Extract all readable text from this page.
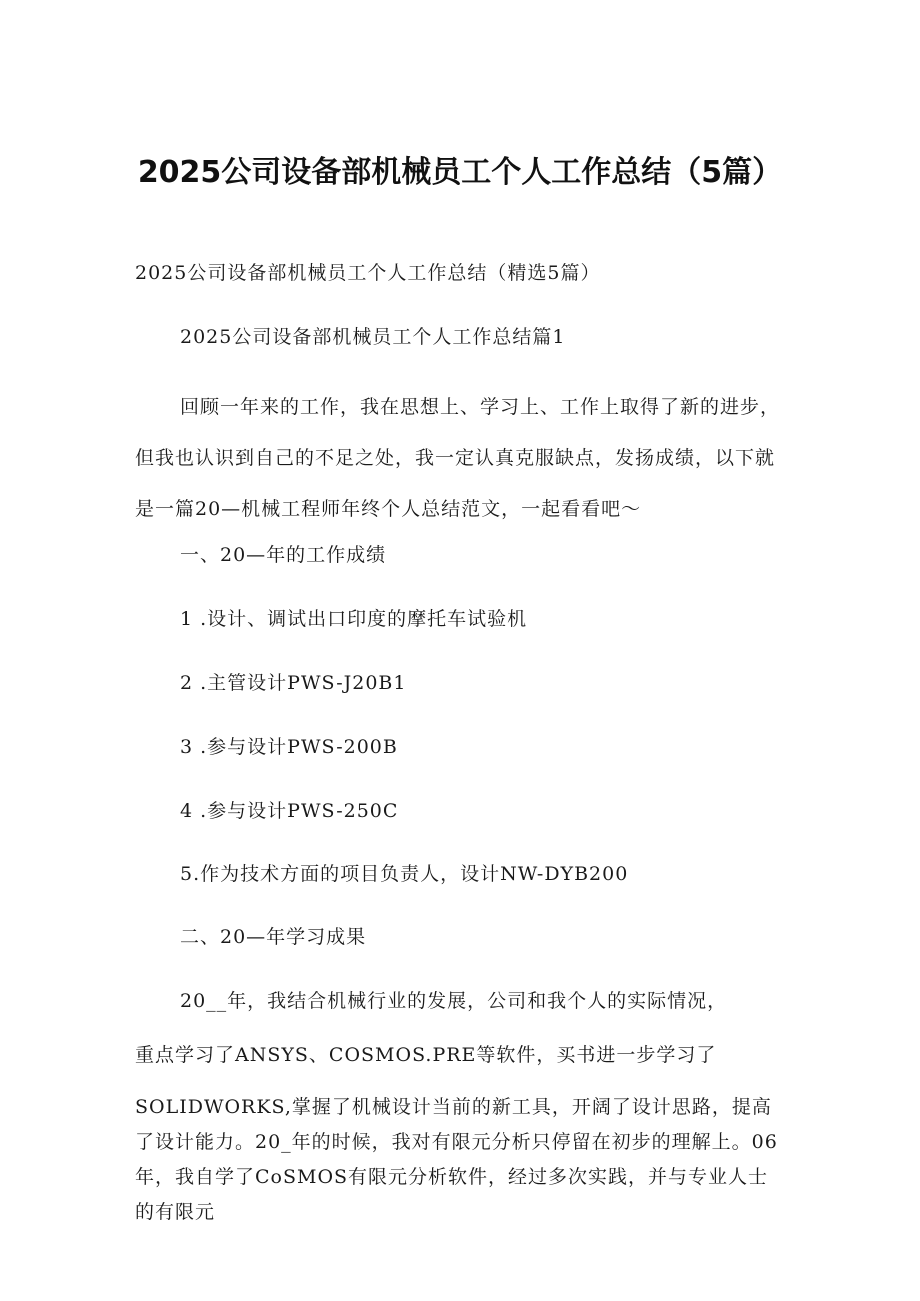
2025公司设备部机械员工个人工作总结（5篇）

2025公司设备部机械员工个人工作总结（精选5篇）

2025公司设备部机械员工个人工作总结篇1

回顾一年来的工作，我在思想上、学习上、工作上取得了新的进步，但我也认识到自己的不足之处，我一定认真克服缺点，发扬成绩，以下就是一篇20—机械工程师年终个人总结范文，一起看看吧～

一、20—年的工作成绩

1 .设计、调试出口印度的摩托车试验机

2 .主管设计PWS-J20B1

3 .参与设计PWS-200B

4 .参与设计PWS-250C

5.作为技术方面的项目负责人，设计NW-DYB200

二、20—年学习成果

20__年，我结合机械行业的发展，公司和我个人的实际情况，

重点学习了ANSYS、COSMOS.PRE等软件，买书进一步学习了

SOLIDWORKS,掌握了机械设计当前的新工具，开阔了设计思路，提高了设计能力。20_年的时候，我对有限元分析只停留在初步的理解上。06年，我自学了CoSMOS有限元分析软件，经过多次实践，并与专业人士的有限元
